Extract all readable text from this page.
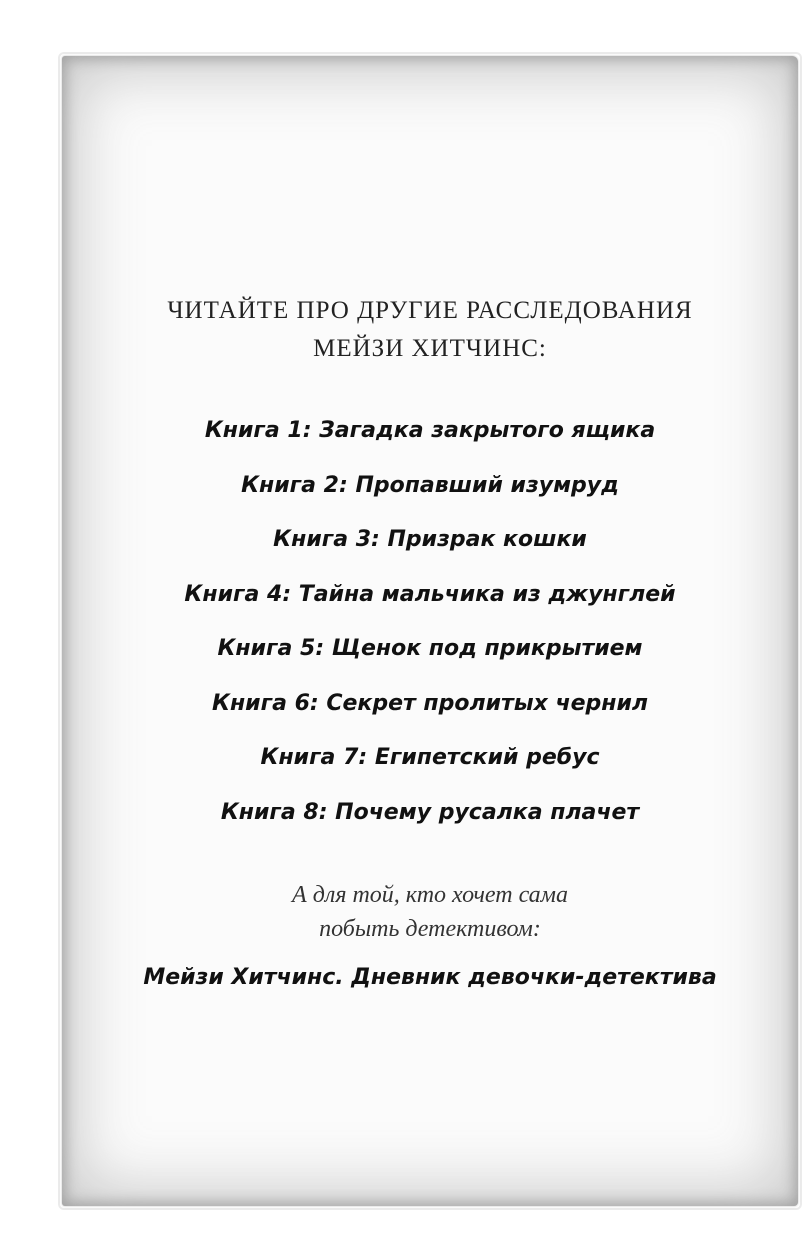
ЧИТАЙТЕ ПРО ДРУГИЕ РАССЛЕДОВАНИЯ
МЕЙЗИ ХИТЧИНС:
Книга 1: Загадка закрытого ящика
Книга 2: Пропавший изумруд
Книга 3: Призрак кошки
Книга 4: Тайна мальчика из джунглей
Книга 5: Щенок под прикрытием
Книга 6: Секрет пролитых чернил
Книга 7: Египетский ребус
Книга 8: Почему русалка плачет
А для той, кто хочет сама
побыть детективом:
Мейзи Хитчинс. Дневник девочки-детектива
